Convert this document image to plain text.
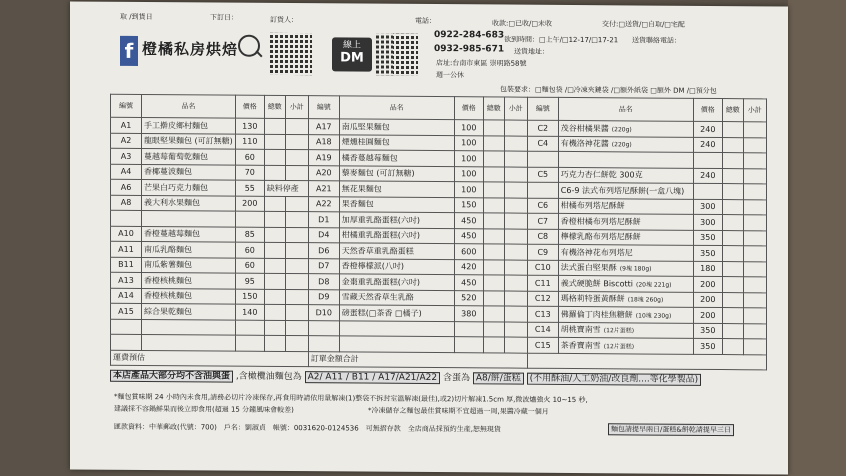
取 /到貨日	下訂日：	訂貨人：	電話：	收款:□已收/□未收	交付:□送貨/□自取/□宅配
欲到時間：□上午/□12-17/□17-21 送貨聯絡電話：
送貨地址：
f 橙橘私房烘焙	線上
DM
0922-284-683
0932-985-671
店址:台南市東區 崇明路58號
週一公休
包裝要求：□麵包袋 /□冷凍夾鏈袋 /□額外紙袋 □額外 DM /□預分包
編號	品名	價格	總數	小計	編號	品名	價格	總數	小計	編號	品名	價格	總數	小計
A1	手工擀皮鄉村麵包	130			A17	南瓜堅果麵包	100			C2	茂谷柑橘果醬 (220g)	240		
A2	龍眼堅果麵包 (可訂無糖)	110			A18	煙燻桂圓麵包	100			C4	有機洛神花醬 (220g)	240		
A3	蔓越莓葡萄乾麵包	60			A19	橘香蔓越莓麵包	100							
A4	香椰蔓波麵包	70			A20	藜麥麵包 (可訂無糖)	100			C5	巧克力杏仁餅乾 300克	240		
A6	芒果白巧克力麵包	55	缺料停產		A21	無花果麵包	100				C6-9 法式布列塔尼酥餅(一盒八塊)			
A8	義大利水果麵包	200			A22	果香麵包	150			C6	柑橘布列塔尼酥餅	300		
					D1	加厚重乳酪蛋糕(六吋)	450			C7	香橙柑橘布列塔尼酥餅	300		
A10	香橙蔓越莓麵包	85			D4	柑橘重乳酪蛋糕(六吋)	450			C8	檸檬乳酪布列塔尼酥餅	350		
A11	南瓜乳酪麵包	60			D6	天然香草重乳酪蛋糕	600			C9	有機洛神花布列塔尼	350		
B11	南瓜紫薯麵包	60			D7	香橙檸檬派(八吋)	420			C10	法式蛋白堅果酥 (9塊 180g)	180		
A13	香橙核桃麵包	95			D8	金棗重乳酪蛋糕(六吋)	450			C11	義式硬脆餅 Biscotti (20塊 221g)	200		
A14	香橙核桃麵包	150			D9	雪藏天然香草生乳酪	520			C12	瑪格莉特蛋黃酥餅 (18塊 260g)	200		
A15	綜合果乾麵包	140			D10	磅蛋糕(□茶香 □橘子)	380			C13	佛羅倫丁肉桂焦糖餅 (10塊 230g)	200		
										C14	胡桃寶南雪 (12片蛋糕)	350		
										C15	茶香寶南雪 (12片蛋糕)	350		
運費預估					訂單金額合計									
本店產品大部分均不含油與蛋 ,含橄欖油麵包為 A2/ A11 / B11 / A17/A21/A22 含蛋為 A8/餅/蛋糕 (不用酥油/人工奶油/改良劑....等化學製品)
*麵包賞味期 24 小時內未食用,請務必切片冷凍保存,再食用時請依用量解凍(1)整袋不拆封室溫解凍(最佳),或2)切片解凍1.5cm 厚,微波爐強火 10~15 秒,
建議採不容鍋鮮果而後立即食用(超過 15 分鐘風味會較差)	*冷凍儲存之麵包最佳賞味期不宜超過一周,果醬冷藏一個月
匯款資料：中華郵政(代號：700)　戶名：劉淑貞　帳號：0031620-0124536　可無摺存款　全店商品採預約生產,恕無現貨	麵包請提早兩日/蛋糕&餅乾請提早三日
